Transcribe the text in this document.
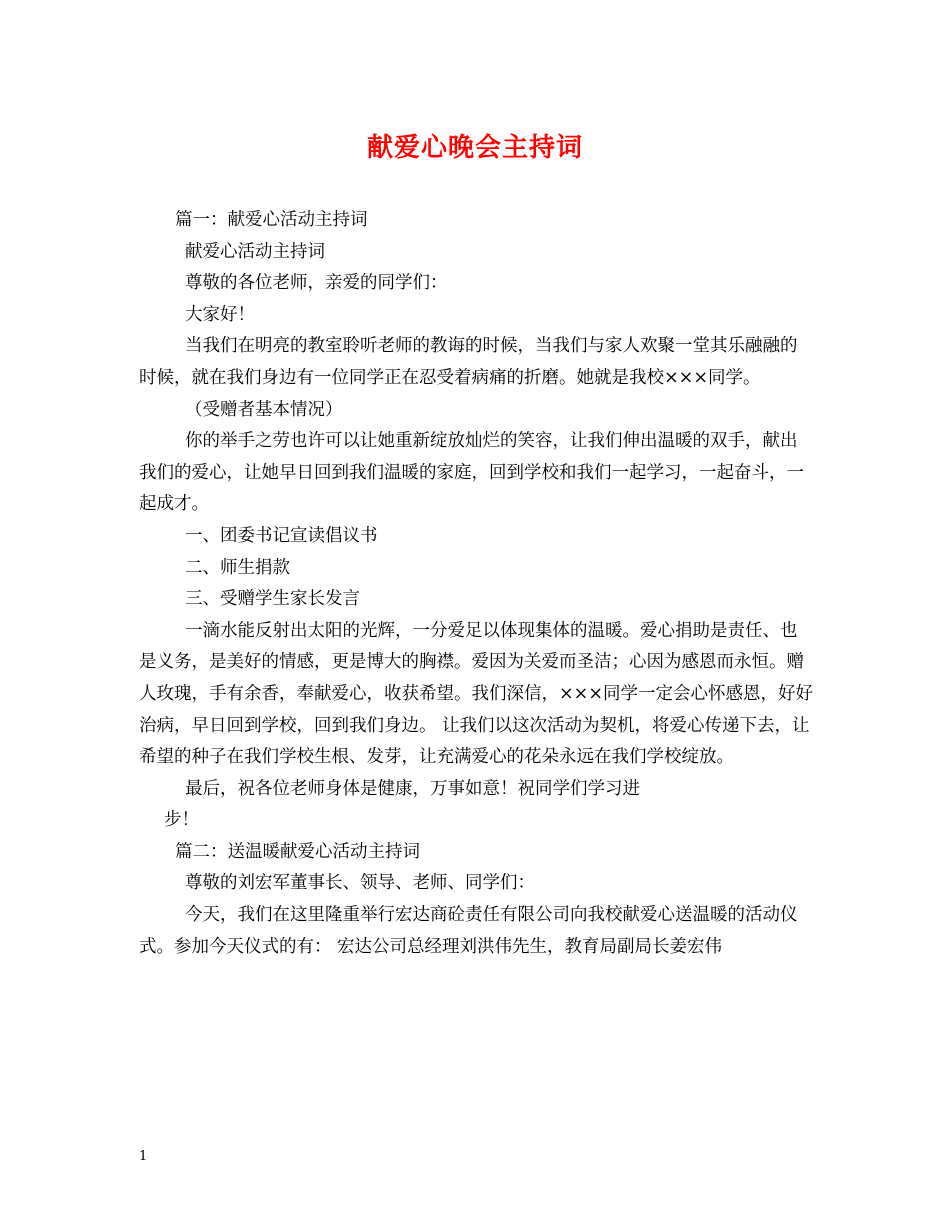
献爱心晚会主持词

篇一：献爱心活动主持词

献爱心活动主持词

尊敬的各位老师，亲爱的同学们：

大家好！

当我们在明亮的教室聆听老师的教诲的时候，当我们与家人欢聚一堂其乐融融的时候，就在我们身边有一位同学正在忍受着病痛的折磨。她就是我校×××同学。

（受赠者基本情况）

你的举手之劳也许可以让她重新绽放灿烂的笑容，让我们伸出温暖的双手，献出我们的爱心，让她早日回到我们温暖的家庭，回到学校和我们一起学习，一起奋斗，一起成才。

一、团委书记宣读倡议书

二、师生捐款

三、受赠学生家长发言

一滴水能反射出太阳的光辉，一分爱足以体现集体的温暖。爱心捐助是责任、也是义务，是美好的情感，更是博大的胸襟。爱因为关爱而圣洁；心因为感恩而永恒。赠人玫瑰，手有余香，奉献爱心，收获希望。我们深信，×××同学一定会心怀感恩，好好治病，早日回到学校，回到我们身边。 让我们以这次活动为契机，将爱心传递下去，让希望的种子在我们学校生根、发芽，让充满爱心的花朵永远在我们学校绽放。

最后，祝各位老师身体是健康，万事如意！祝同学们学习进

步！

篇二：送温暖献爱心活动主持词

尊敬的刘宏军董事长、领导、老师、同学们：

今天，我们在这里隆重举行宏达商砼责任有限公司向我校献爱心送温暖的活动仪式。参加今天仪式的有： 宏达公司总经理刘洪伟先生，教育局副局长姜宏伟

1
